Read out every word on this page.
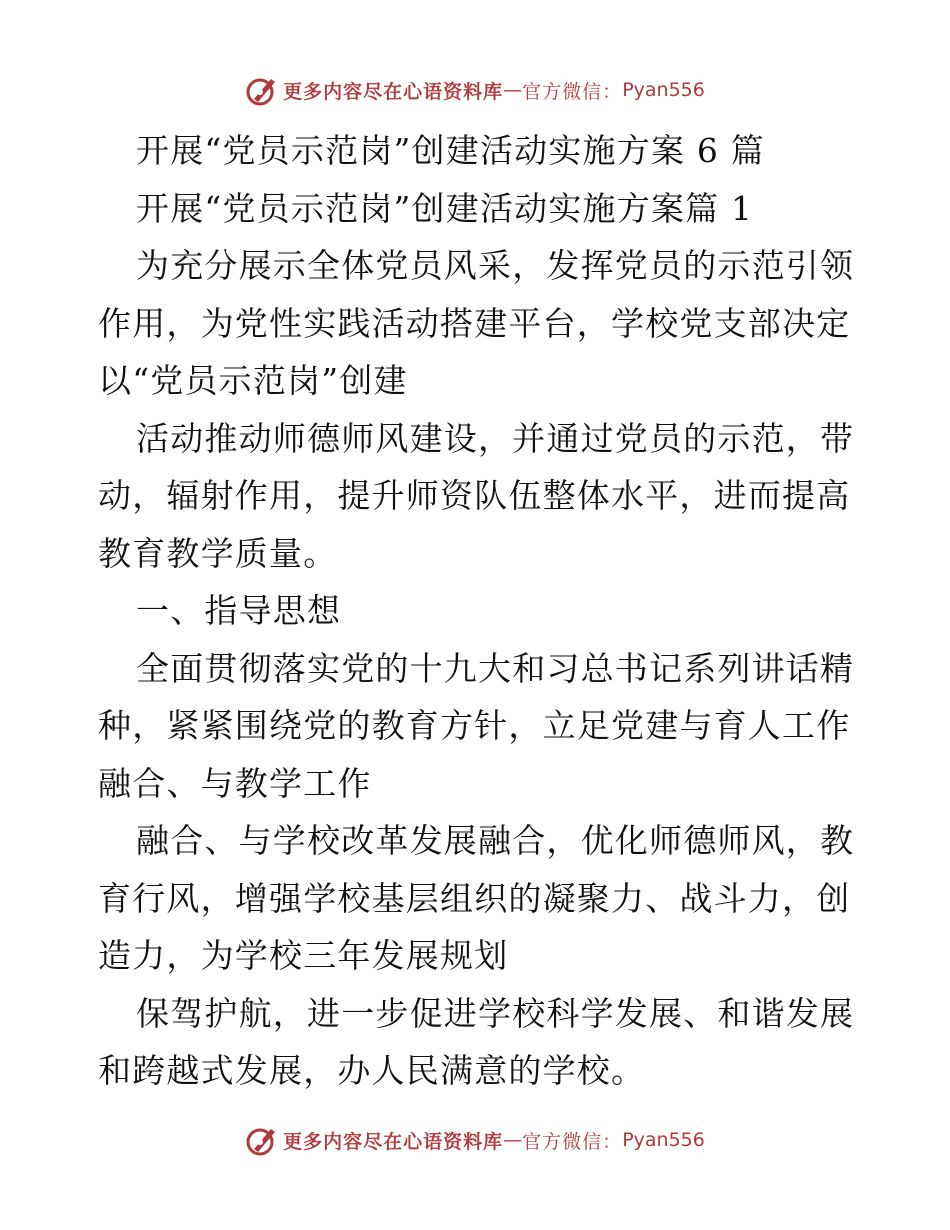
更多内容尽在心语资料库 — 官方微信： Pyan556
开展“党员示范岗”创建活动实施方案 6 篇
开展“党员示范岗”创建活动实施方案篇 1
为充分展示全体党员风采，发挥党员的示范引领
作用，为党性实践活动搭建平台，学校党支部决定
以“党员示范岗”创建
活动推动师德师风建设，并通过党员的示范，带
动，辐射作用，提升师资队伍整体水平，进而提高
教育教学质量。
一、指导思想
全面贯彻落实党的十九大和习总书记系列讲话精
种，紧紧围绕党的教育方针，立足党建与育人工作
融合、与教学工作
融合、与学校改革发展融合，优化师德师风，教
育行风，增强学校基层组织的凝聚力、战斗力，创
造力，为学校三年发展规划
保驾护航，进一步促进学校科学发展、和谐发展
和跨越式发展，办人民满意的学校。
更多内容尽在心语资料库 — 官方微信： Pyan556
